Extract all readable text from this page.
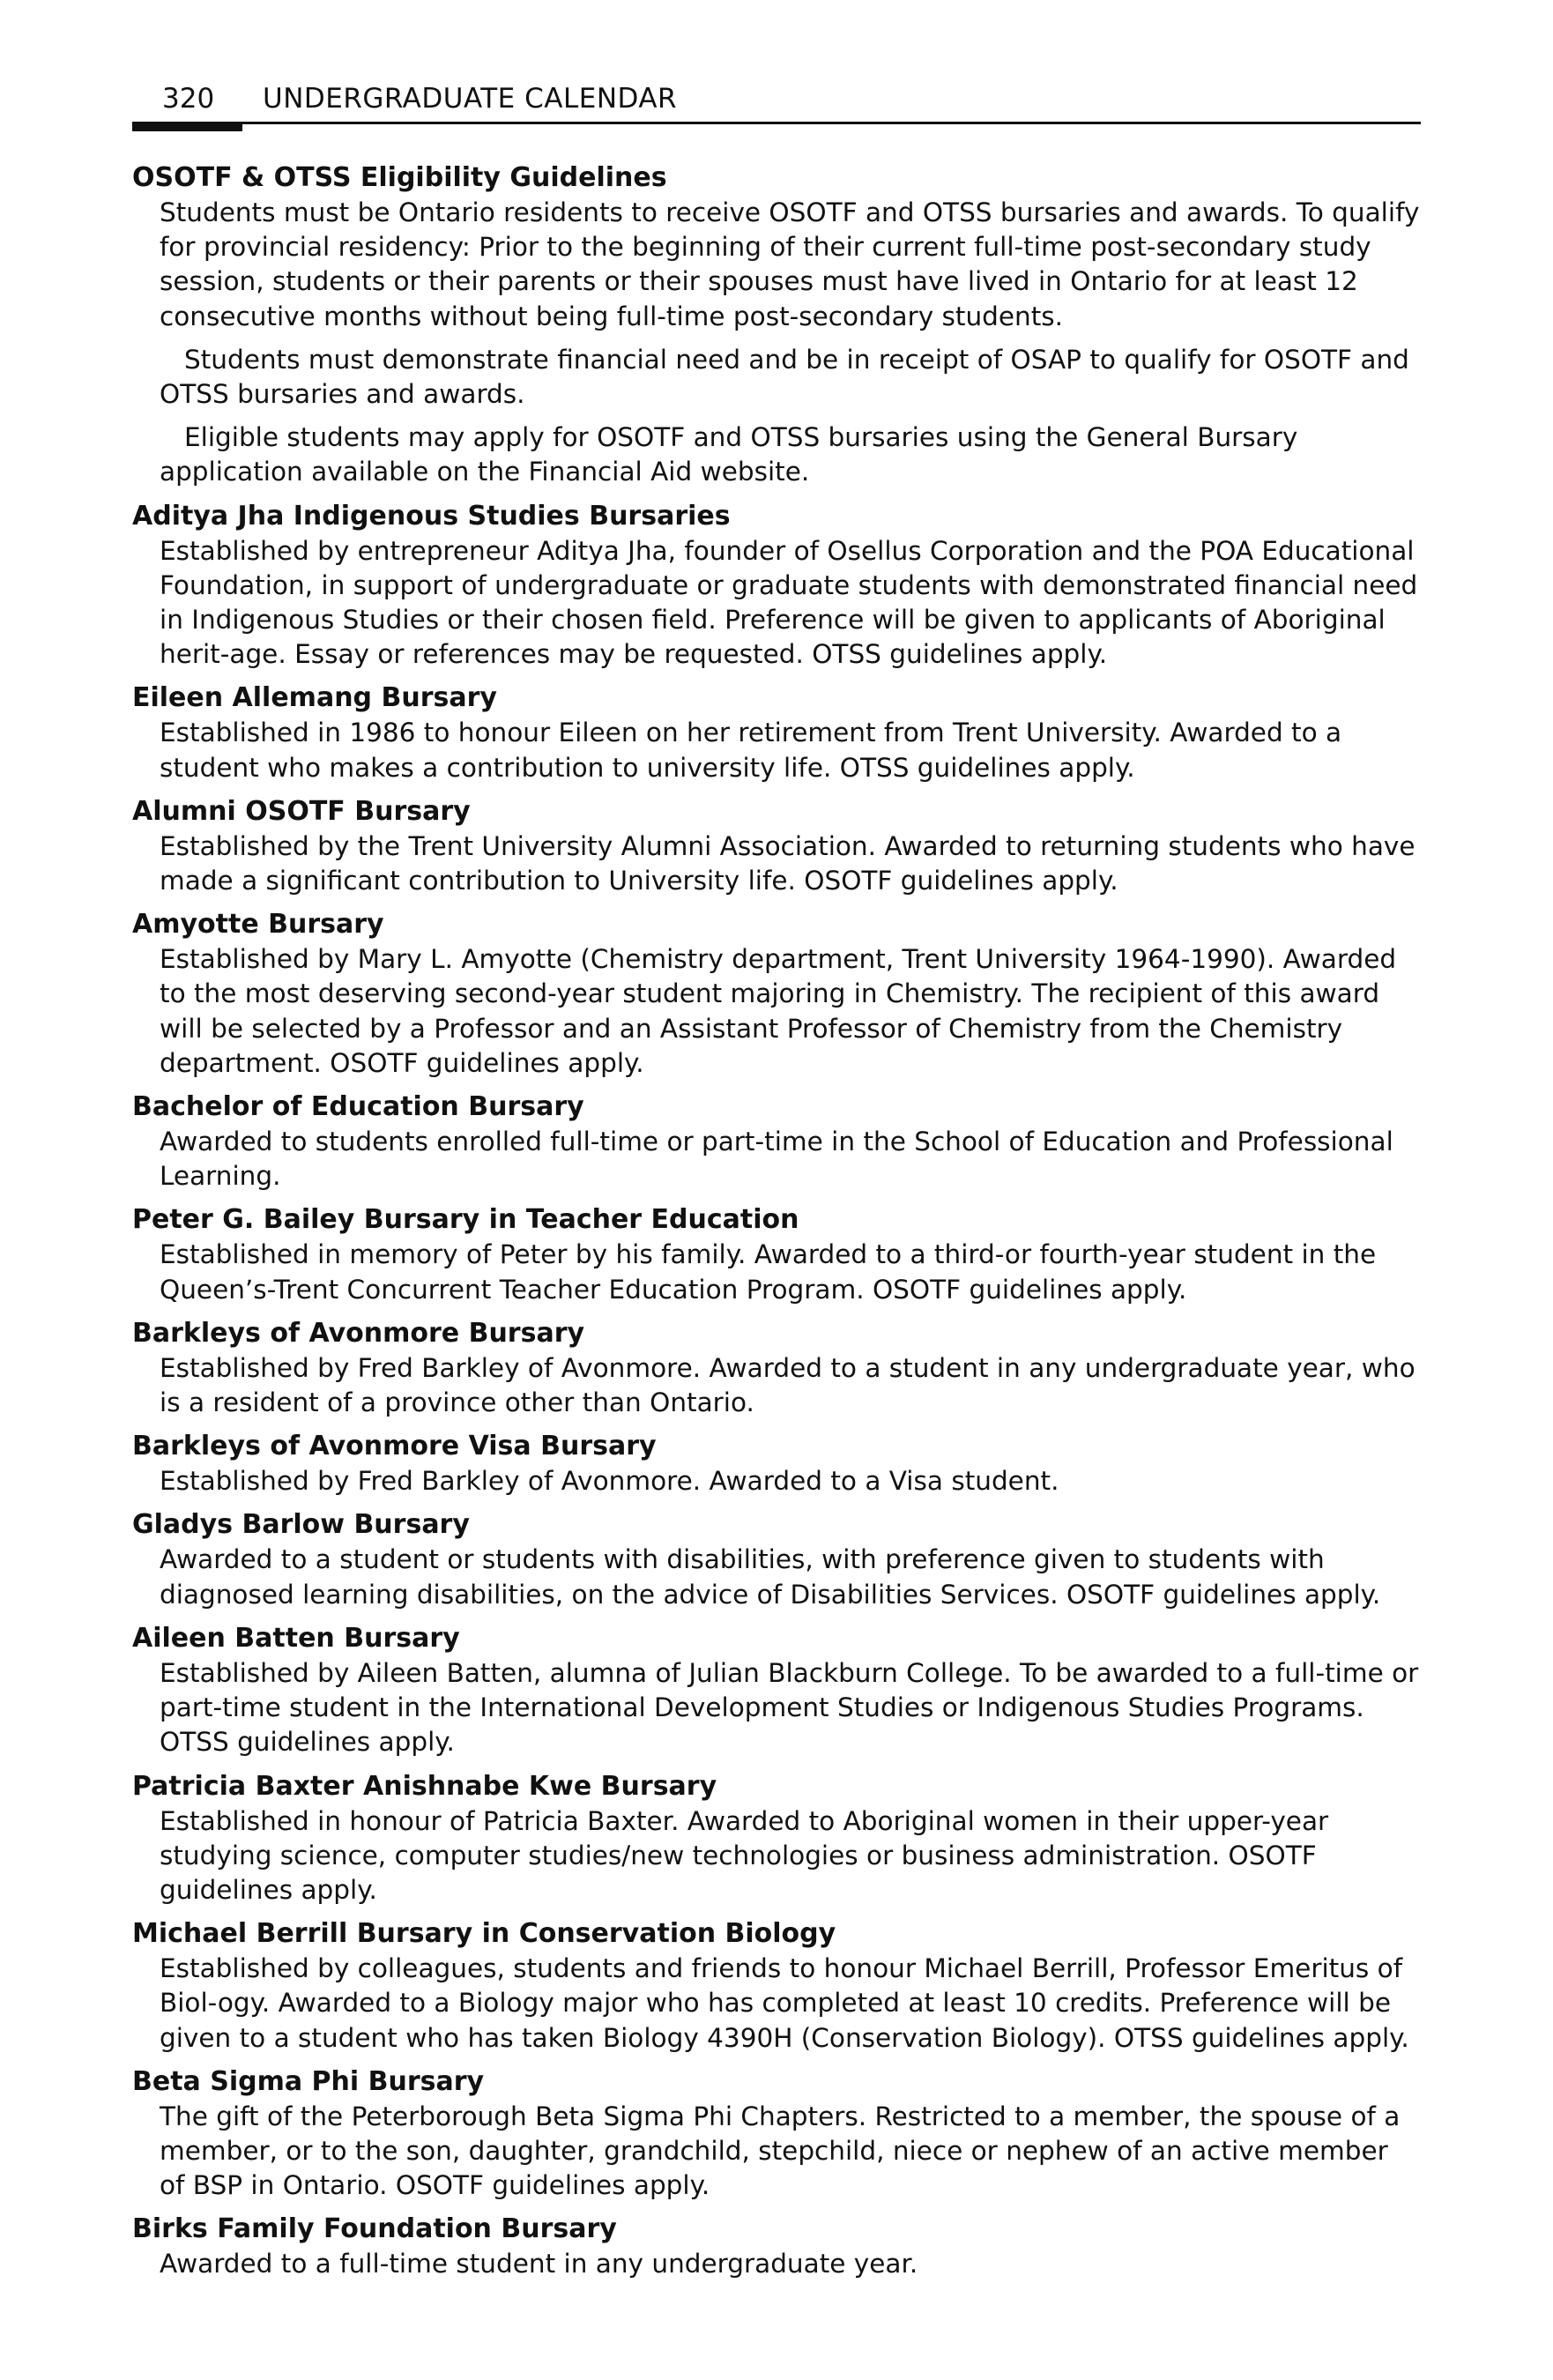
320 UNDERGRADUATE CALENDAR
OSOTF & OTSS Eligibility Guidelines

Students must be Ontario residents to receive OSOTF and OTSS bursaries and awards. To qualify for provincial residency: Prior to the beginning of their current full-time post-secondary study session, students or their parents or their spouses must have lived in Ontario for at least 12 consecutive months without being full-time post-secondary students.

Students must demonstrate financial need and be in receipt of OSAP to qualify for OSOTF and OTSS bursaries and awards.

Eligible students may apply for OSOTF and OTSS bursaries using the General Bursary application available on the Financial Aid website.

Aditya Jha Indigenous Studies Bursaries

Established by entrepreneur Aditya Jha, founder of Osellus Corporation and the POA Educational Foundation, in support of undergraduate or graduate students with demonstrated financial need in Indigenous Studies or their chosen field. Preference will be given to applicants of Aboriginal herit-age. Essay or references may be requested. OTSS guidelines apply.

Eileen Allemang Bursary

Established in 1986 to honour Eileen on her retirement from Trent University. Awarded to a student who makes a contribution to university life. OTSS guidelines apply.

Alumni OSOTF Bursary

Established by the Trent University Alumni Association. Awarded to returning students who have made a significant contribution to University life. OSOTF guidelines apply.

Amyotte Bursary

Established by Mary L. Amyotte (Chemistry department, Trent University 1964-1990). Awarded to the most deserving second-year student majoring in Chemistry. The recipient of this award will be selected by a Professor and an Assistant Professor of Chemistry from the Chemistry department. OSOTF guidelines apply.

Bachelor of Education Bursary

Awarded to students enrolled full-time or part-time in the School of Education and Professional Learning.

Peter G. Bailey Bursary in Teacher Education

Established in memory of Peter by his family. Awarded to a third-or fourth-year student in the Queen’s-Trent Concurrent Teacher Education Program. OSOTF guidelines apply.

Barkleys of Avonmore Bursary

Established by Fred Barkley of Avonmore. Awarded to a student in any undergraduate year, who is a resident of a province other than Ontario.

Barkleys of Avonmore Visa Bursary

Established by Fred Barkley of Avonmore. Awarded to a Visa student.

Gladys Barlow Bursary

Awarded to a student or students with disabilities, with preference given to students with diagnosed learning disabilities, on the advice of Disabilities Services. OSOTF guidelines apply.

Aileen Batten Bursary

Established by Aileen Batten, alumna of Julian Blackburn College. To be awarded to a full-time or part-time student in the International Development Studies or Indigenous Studies Programs. OTSS guidelines apply.

Patricia Baxter Anishnabe Kwe Bursary

Established in honour of Patricia Baxter. Awarded to Aboriginal women in their upper-year studying science, computer studies/new technologies or business administration. OSOTF guidelines apply.

Michael Berrill Bursary in Conservation Biology

Established by colleagues, students and friends to honour Michael Berrill, Professor Emeritus of Biol-ogy. Awarded to a Biology major who has completed at least 10 credits. Preference will be given to a student who has taken Biology 4390H (Conservation Biology). OTSS guidelines apply.

Beta Sigma Phi Bursary

The gift of the Peterborough Beta Sigma Phi Chapters. Restricted to a member, the spouse of a member, or to the son, daughter, grandchild, stepchild, niece or nephew of an active member of BSP in Ontario. OSOTF guidelines apply.

Birks Family Foundation Bursary

Awarded to a full-time student in any undergraduate year.
